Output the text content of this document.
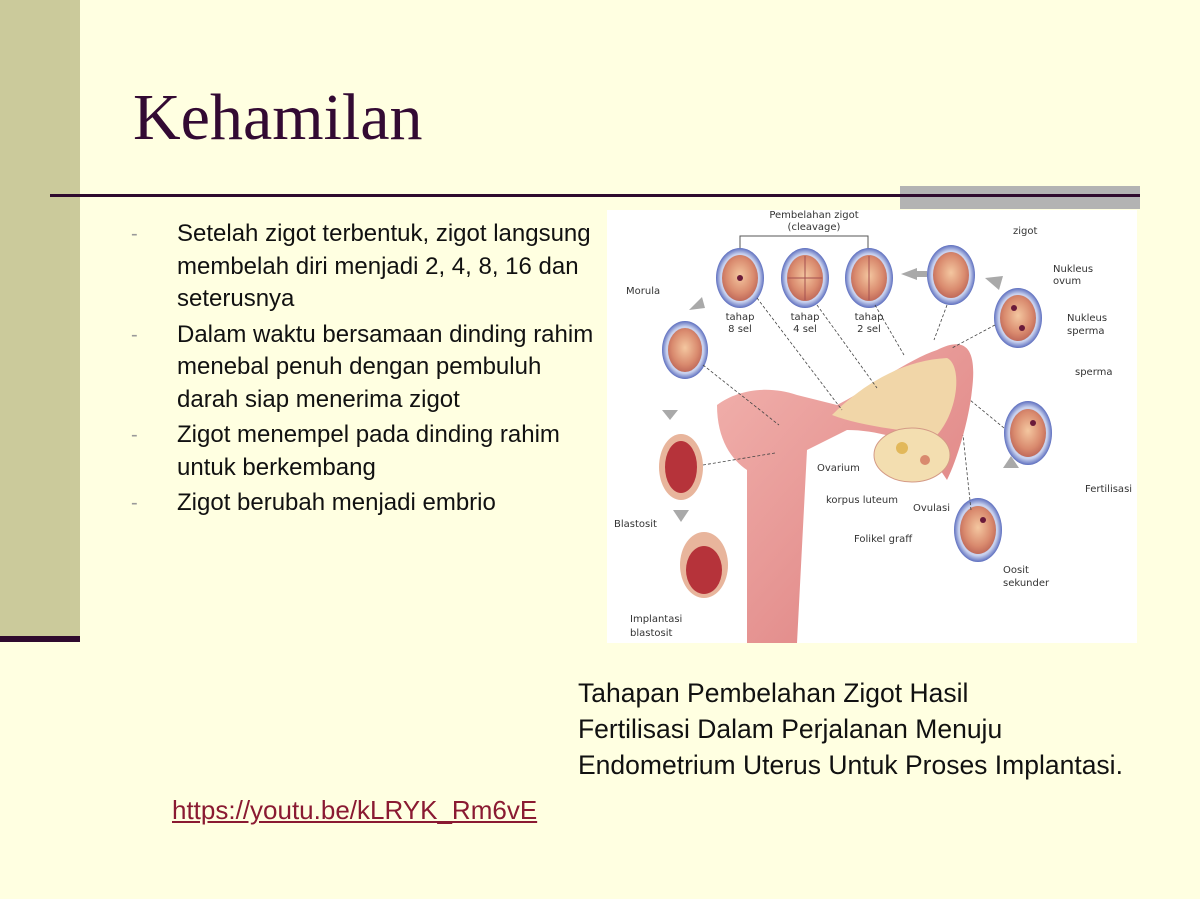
Kehamilan
- Setelah zigot terbentuk, zigot langsung membelah diri menjadi 2, 4, 8, 16 dan seterusnya
- Dalam waktu bersamaan dinding rahim menebal penuh dengan pembuluh darah siap menerima zigot
- Zigot menempel pada dinding rahim untuk berkembang
- Zigot berubah menjadi embrio
Pembelahan zigot
(cleavage)	zigot
Nukleus
ovum
Nukleus
sperma
Morula
tahap
8 sel
tahap
4 sel
tahap
2 sel
sperma
Ovarium
korpus luteum
Ovulasi
Folikel graff
Fertilisasi
Blastosit
Oosit
sekunder
Implantasi
blastosit

Tahapan Pembelahan Zigot Hasil
Fertilisasi Dalam Perjalanan Menuju
Endometrium Uterus Untuk Proses Implantasi.

https://youtu.be/kLRYK_Rm6vE
